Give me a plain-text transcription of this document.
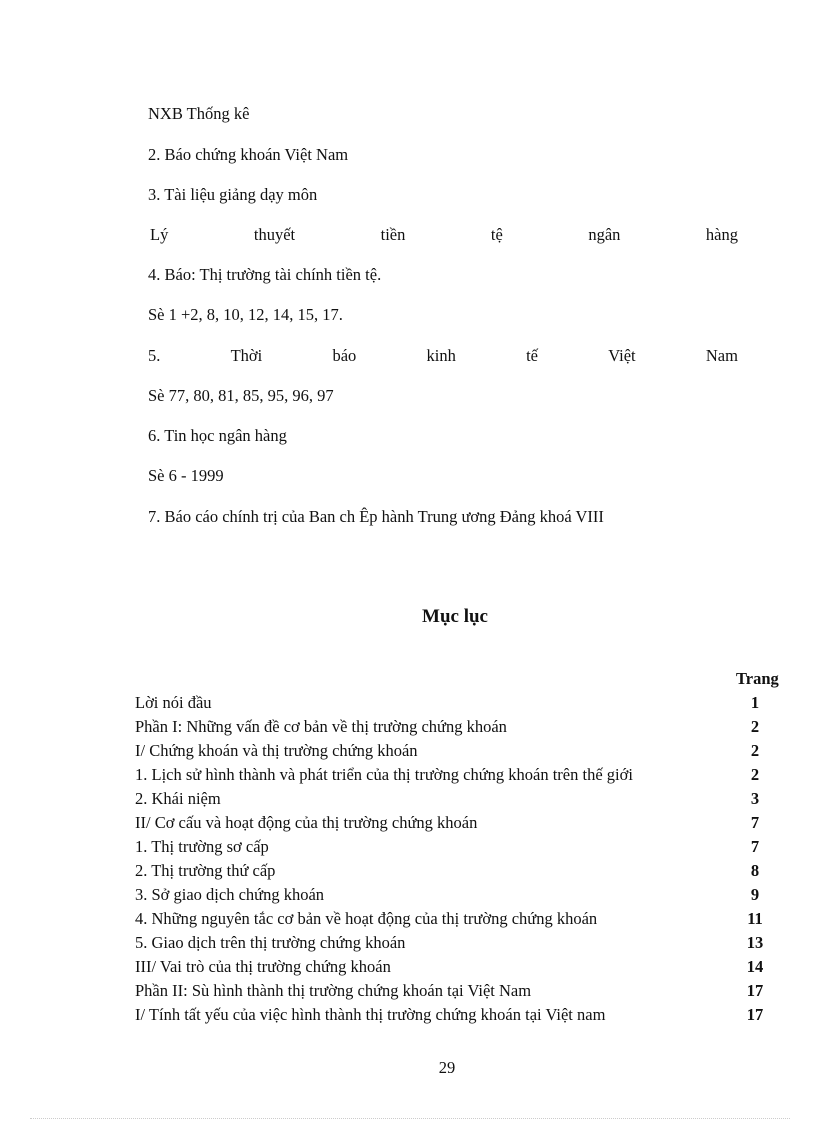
NXB Thống kê
2. Báo chứng khoán Việt Nam
3. Tài liệu giảng dạy môn
Lý	thuyết	tiền	tệ	ngân	hàng
4. Báo: Thị trường tài chính tiền tệ.
Sè 1 +2, 8, 10, 12, 14, 15, 17.
5.	Thời	báo	kinh	tế	Việt	Nam
Sè 77, 80, 81, 85, 95, 96, 97
6. Tin học ngân hàng
Sè 6 - 1999
7. Báo cáo chính trị của Ban ch Êp hành Trung ương Đảng khoá VIII
Mục lục
Trang
Lời nói đầu	1
Phần I: Những vấn đề cơ bản về thị trường chứng khoán	2
I/ Chứng khoán và thị trường chứng khoán	2
1. Lịch sử hình thành và phát triển của thị trường chứng khoán trên thế giới	2
2. Khái niệm	3
II/ Cơ cấu và hoạt động của thị trường chứng khoán	7
1. Thị trường sơ cấp	7
2. Thị trường thứ cấp	8
3. Sở giao dịch chứng khoán	9
4. Những nguyên tắc cơ bản về hoạt động của thị trường chứng khoán	11
5. Giao dịch trên thị trường chứng khoán	13
III/ Vai trò của thị trường chứng khoán	14
Phần II: Sù hình thành thị trường chứng khoán tại Việt Nam	17
I/ Tính tất yếu của việc hình thành thị trường chứng khoán tại Việt nam	17
29
